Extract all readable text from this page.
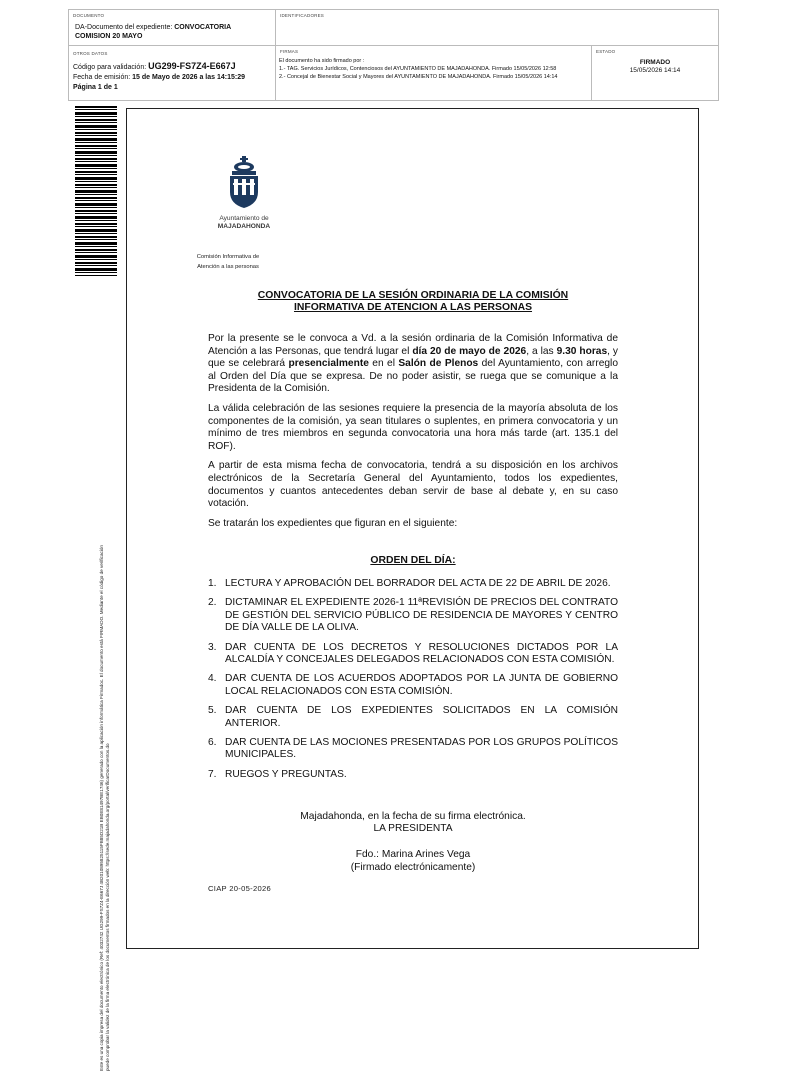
DOCUMENTO
DA-Documento del expediente: CONVOCATORIA
COMISION 20 MAYO
IDENTIFICADORES
OTROS DATOS
Código para validación: UG299-FS7Z4-E667J
Fecha de emisión: 15 de Mayo de 2026 a las 14:15:29
Página 1 de 1
FIRMAS
El documento ha sido firmado por :
1.- TAG. Servicios Jurídicos, Contenciosos del AYUNTAMIENTO DE MAJADAHONDA. Firmado 15/05/2026 12:58
2.- Concejal de Bienestar Social y Mayores del AYUNTAMIENTO DE MAJADAHONDA. Firmado 15/05/2026 14:14
ESTADO
FIRMADO
15/05/2026 14:14
Este es una copia impresa del documento electrónico (Ref: 4032742 UG299-FS7Z4-E667J 4B2010895825115FB85D21B EB0E81497BE1746) generado con la aplicación informática Firmadoc. El documento está FIRMADO. Mediante el código de verificación puede comprobar la validez de la firma electrónica de los documentos firmados en la dirección web: https://sede.majadahonda.org/portal/verificarDocumentos.do
Ayuntamiento de
MAJADAHONDA
Comisión Informativa de
Atención a las personas
CONVOCATORIA DE LA SESIÓN ORDINARIA DE LA COMISIÓN
INFORMATIVA DE ATENCION A LAS PERSONAS

Por la presente se le convoca a Vd. a la sesión ordinaria de la Comisión Informativa de Atención a las Personas, que tendrá lugar el día 20 de mayo de 2026, a las 9.30 horas, y que se celebrará presencialmente en el Salón de Plenos del Ayuntamiento, con arreglo al Orden del Día que se expresa. De no poder asistir, se ruega que se comunique a la Presidenta de la Comisión.

La válida celebración de las sesiones requiere la presencia de la mayoría absoluta de los componentes de la comisión, ya sean titulares o suplentes, en primera convocatoria y un mínimo de tres miembros en segunda convocatoria una hora más tarde (art. 135.1 del ROF).

A partir de esta misma fecha de convocatoria, tendrá a su disposición en los archivos electrónicos de la Secretaría General del Ayuntamiento, todos los expedientes, documentos y cuantos antecedentes deban servir de base al debate y, en su caso votación.

Se tratarán los expedientes que figuran en el siguiente:

ORDEN DEL DÍA:
1. LECTURA Y APROBACIÓN DEL BORRADOR DEL ACTA DE 22 DE ABRIL DE 2026.
2. DICTAMINAR EL EXPEDIENTE 2026-1 11ªREVISIÓN DE PRECIOS DEL CONTRATO DE GESTIÓN DEL SERVICIO PÚBLICO DE RESIDENCIA DE MAYORES Y CENTRO DE DÍA VALLE DE LA OLIVA.
3. DAR CUENTA DE LOS DECRETOS Y RESOLUCIONES DICTADOS POR LA ALCALDÍA Y CONCEJALES DELEGADOS RELACIONADOS CON ESTA COMISIÓN.
4. DAR CUENTA DE LOS ACUERDOS ADOPTADOS POR LA JUNTA DE GOBIERNO LOCAL RELACIONADOS CON ESTA COMISIÓN.
5. DAR CUENTA DE LOS EXPEDIENTES SOLICITADOS EN LA COMISIÓN ANTERIOR.
6. DAR CUENTA DE LAS MOCIONES PRESENTADAS POR LOS GRUPOS POLÍTICOS MUNICIPALES.
7. RUEGOS Y PREGUNTAS.
Majadahonda, en la fecha de su firma electrónica.
LA PRESIDENTA
Fdo.: Marina Arines Vega
(Firmado electrónicamente)
CIAP 20-05-2026
